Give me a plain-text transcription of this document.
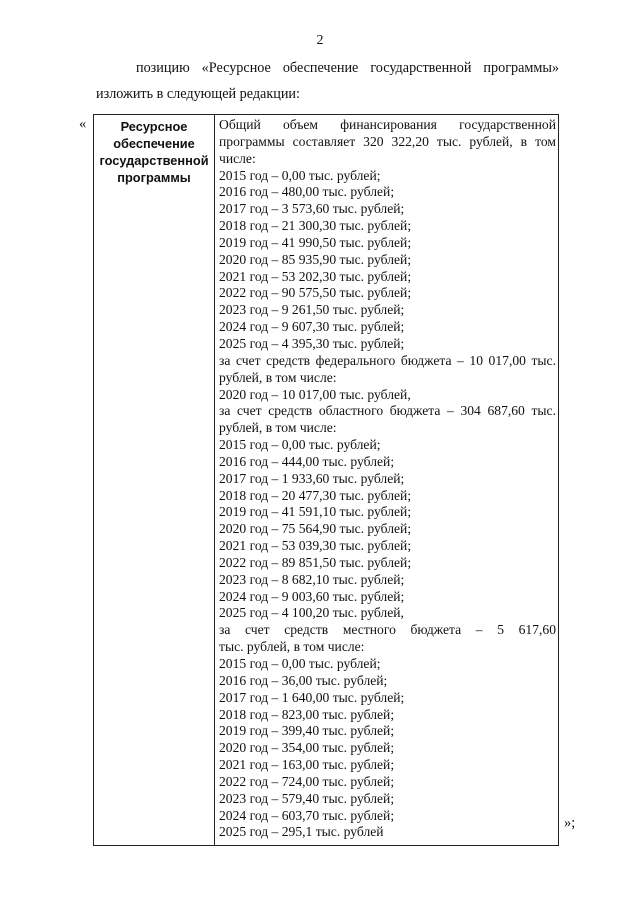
2
позицию «Ресурсное обеспечение государственной программы»
изложить в следующей редакции:
«	Ресурсное
обеспечение
государственной
программы
Общий объем финансирования государственной
программы составляет 320 322,20 тыс. рублей, в том
числе:
2015 год – 0,00 тыс. рублей;
2016 год – 480,00 тыс. рублей;
2017 год – 3 573,60 тыс. рублей;
2018 год – 21 300,30 тыс. рублей;
2019 год – 41 990,50 тыс. рублей;
2020 год – 85 935,90 тыс. рублей;
2021 год – 53 202,30 тыс. рублей;
2022 год – 90 575,50 тыс. рублей;
2023 год – 9 261,50 тыс. рублей;
2024 год – 9 607,30 тыс. рублей;
2025 год – 4 395,30 тыс. рублей;
за счет средств федерального бюджета – 10 017,00 тыс.
рублей, в том числе:
2020 год – 10 017,00 тыс. рублей,
за счет средств областного бюджета – 304 687,60 тыс.
рублей, в том числе:
2015 год – 0,00 тыс. рублей;
2016 год – 444,00 тыс. рублей;
2017 год – 1 933,60 тыс. рублей;
2018 год – 20 477,30 тыс. рублей;
2019 год – 41 591,10 тыс. рублей;
2020 год – 75 564,90 тыс. рублей;
2021 год – 53 039,30 тыс. рублей;
2022 год – 89 851,50 тыс. рублей;
2023 год – 8 682,10 тыс. рублей;
2024 год – 9 003,60 тыс. рублей;
2025 год – 4 100,20 тыс. рублей,
за счет средств местного бюджета – 5 617,60
тыс. рублей, в том числе:
2015 год – 0,00 тыс. рублей;
2016 год – 36,00 тыс. рублей;
2017 год – 1 640,00 тыс. рублей;
2018 год – 823,00 тыс. рублей;
2019 год – 399,40 тыс. рублей;
2020 год – 354,00 тыс. рублей;
2021 год – 163,00 тыс. рублей;
2022 год – 724,00 тыс. рублей;
2023 год – 579,40 тыс. рублей;
2024 год – 603,70 тыс. рублей;
2025 год – 295,1 тыс. рублей
»;
